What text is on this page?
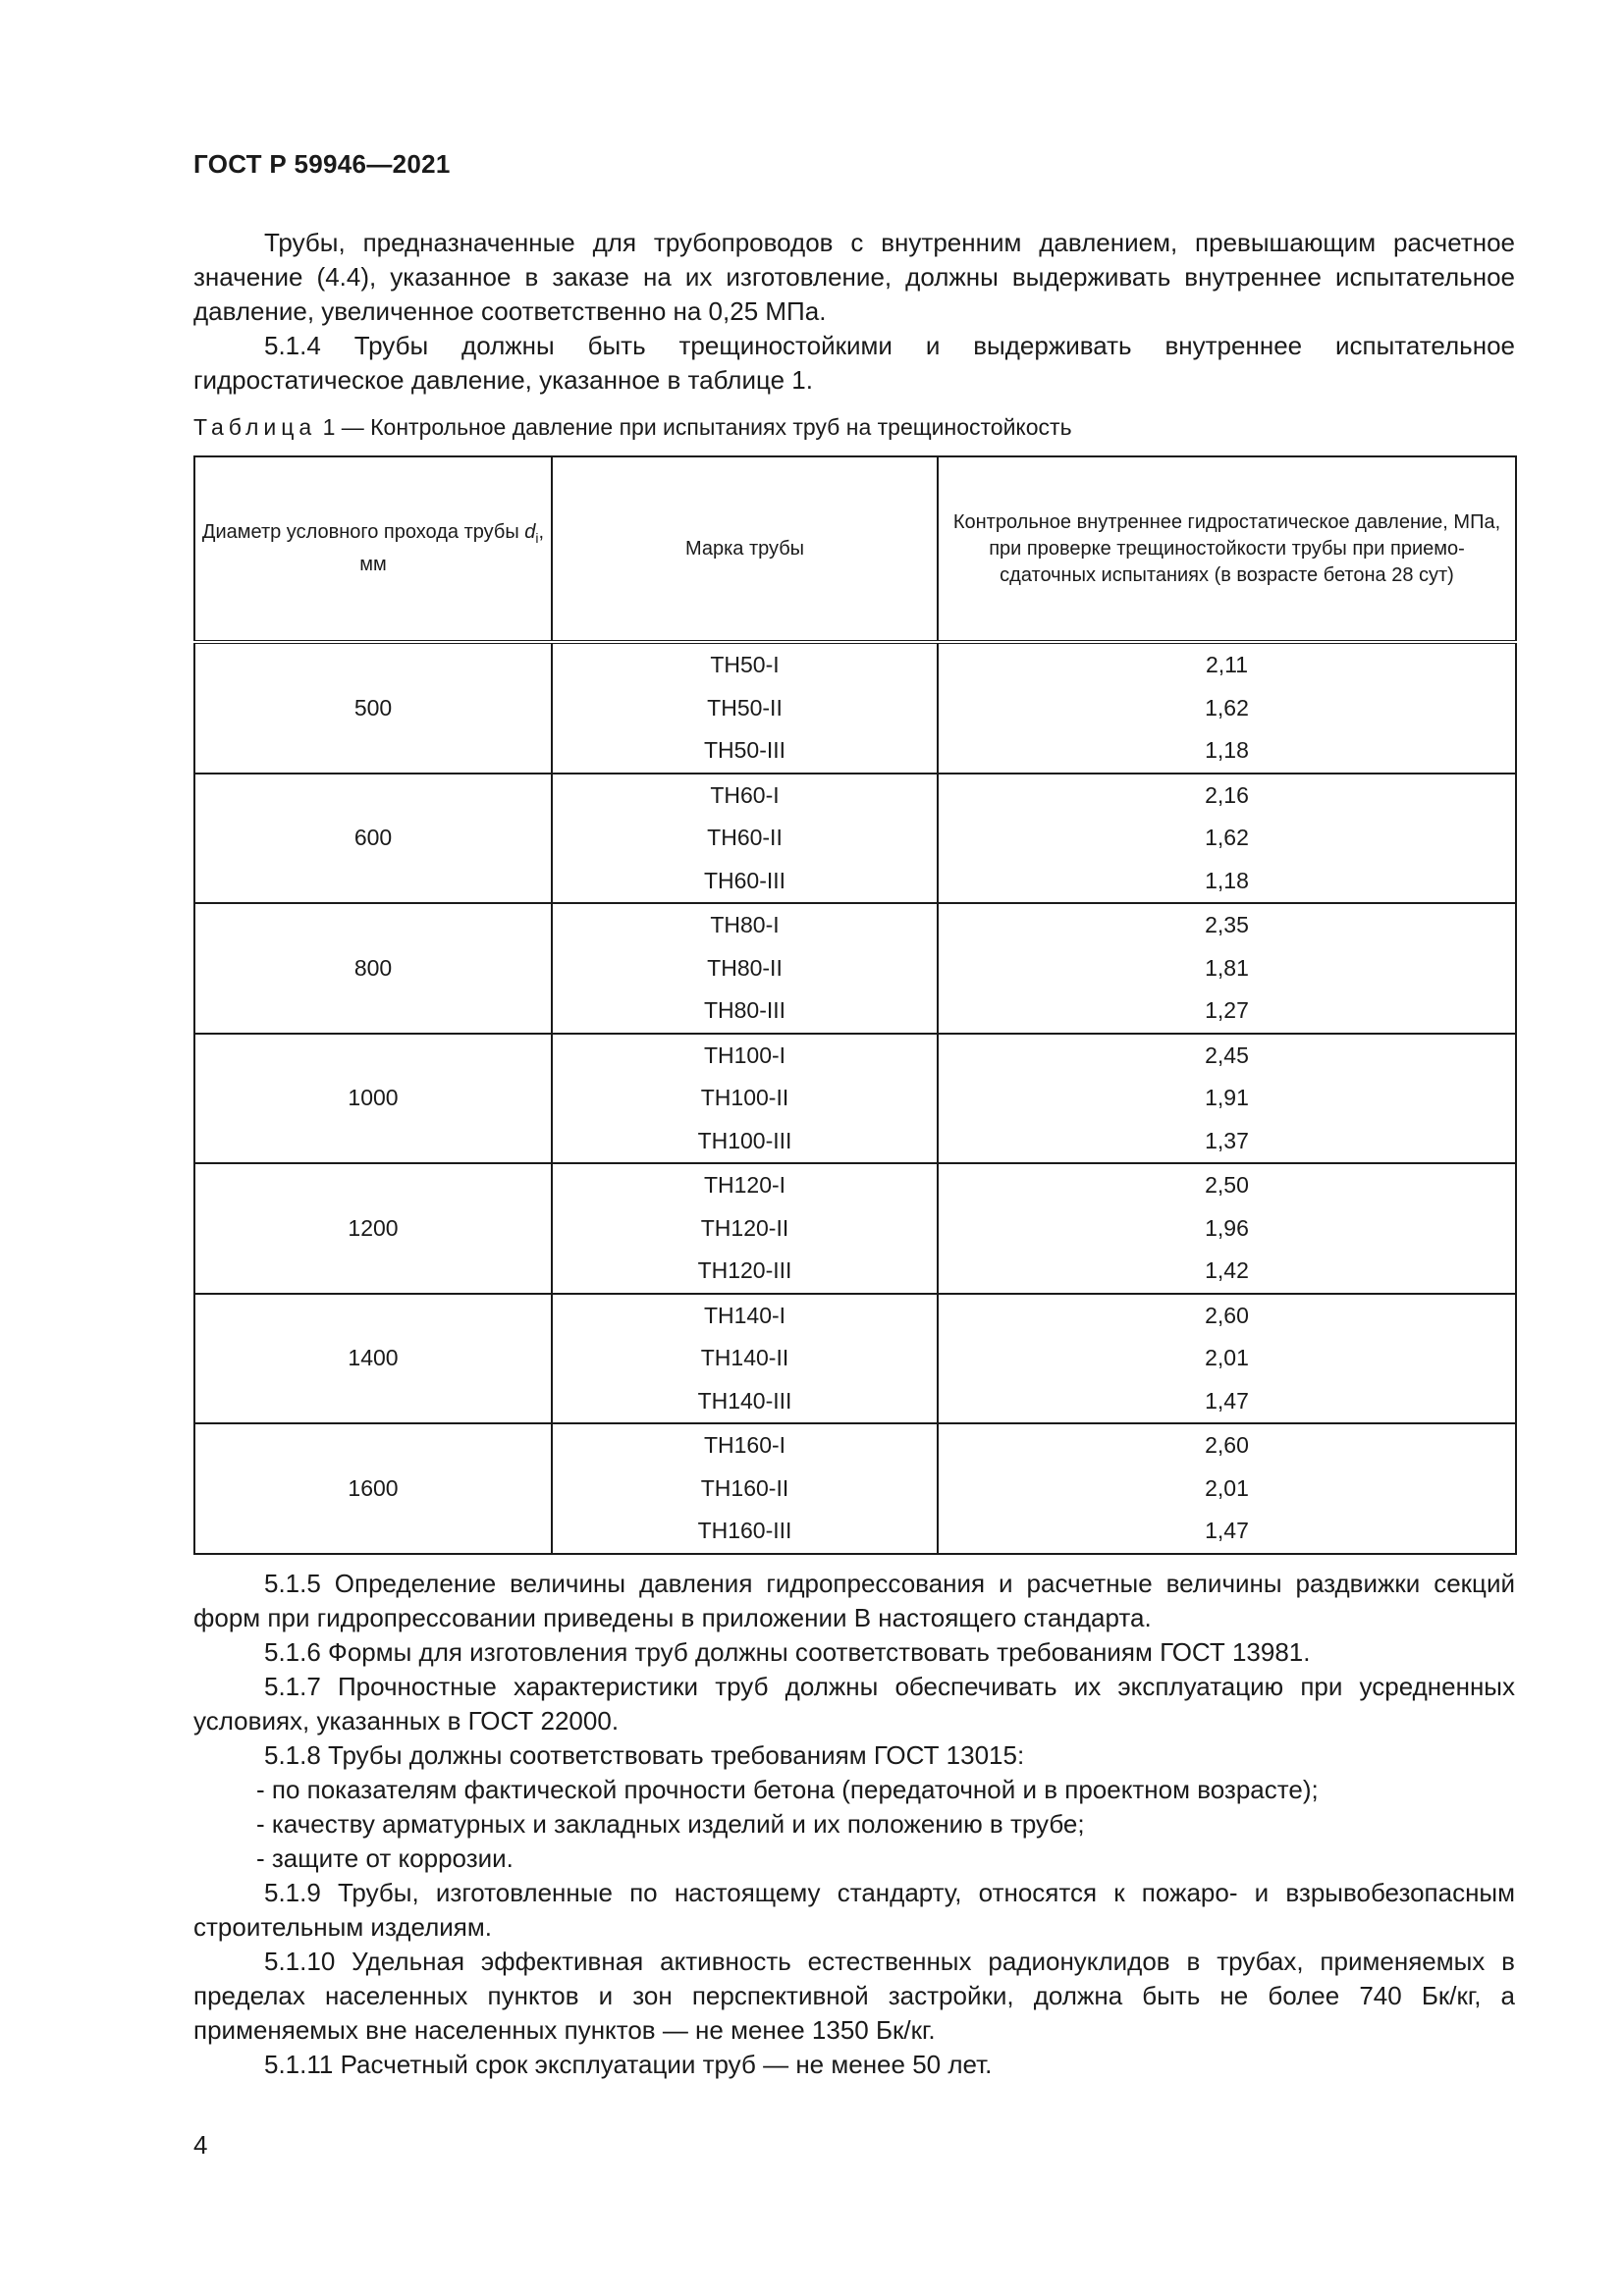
ГОСТ Р 59946—2021

Трубы, предназначенные для трубопроводов с внутренним давлением, превышающим расчетное значение (4.4), указанное в заказе на их изготовление, должны выдерживать внутреннее испытательное давление, увеличенное соответственно на 0,25 МПа.

5.1.4 Трубы должны быть трещиностойкими и выдерживать внутреннее испытательное гидростатическое давление, указанное в таблице 1.

Таблица 1 — Контрольное давление при испытаниях труб на трещиностойкость
Диаметр условного прохода трубы $d_i$, мм	Марка трубы	Контрольное внутреннее гидростатическое давление, МПа, при проверке трещиностойкости трубы при приемо-сдаточных испытаниях (в возрасте бетона 28 сут)
500	ТН50-I	2,11
	ТН50-II	1,62
	ТН50-III	1,18
600	ТН60-I	2,16
	ТН60-II	1,62
	ТН60-III	1,18
800	ТН80-I	2,35
	ТН80-II	1,81
	ТН80-III	1,27
1000	ТН100-I	2,45
	ТН100-II	1,91
	ТН100-III	1,37
1200	ТН120-I	2,50
	ТН120-II	1,96
	ТН120-III	1,42
1400	ТН140-I	2,60
	ТН140-II	2,01
	ТН140-III	1,47
1600	ТН160-I	2,60
	ТН160-II	2,01
	ТН160-III	1,47

5.1.5 Определение величины давления гидропрессования и расчетные величины раздвижки секций форм при гидропрессовании приведены в приложении В настоящего стандарта.

5.1.6 Формы для изготовления труб должны соответствовать требованиям ГОСТ 13981.

5.1.7 Прочностные характеристики труб должны обеспечивать их эксплуатацию при усредненных условиях, указанных в ГОСТ 22000.

5.1.8 Трубы должны соответствовать требованиям ГОСТ 13015:

- по показателям фактической прочности бетона (передаточной и в проектном возрасте);

- качеству арматурных и закладных изделий и их положению в трубе;

- защите от коррозии.

5.1.9 Трубы, изготовленные по настоящему стандарту, относятся к пожаро- и взрывобезопасным строительным изделиям.

5.1.10 Удельная эффективная активность естественных радионуклидов в трубах, применяемых в пределах населенных пунктов и зон перспективной застройки, должна быть не более 740 Бк/кг, а применяемых вне населенных пунктов — не менее 1350 Бк/кг.

5.1.11 Расчетный срок эксплуатации труб — не менее 50 лет.

4
